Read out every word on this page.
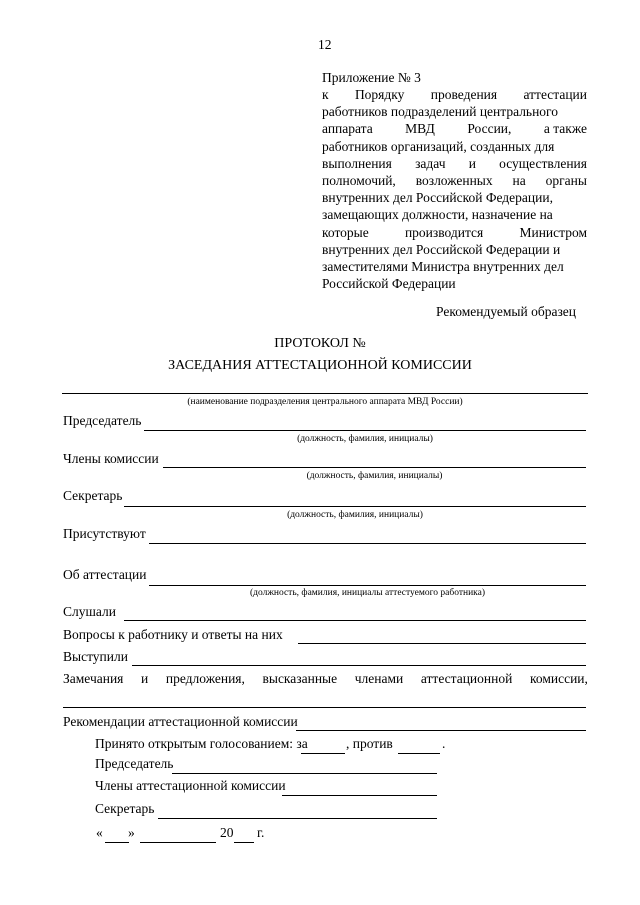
12
Приложение № 3
к Порядку проведения аттестации
работников подразделений центрального
аппарата МВД России, а также
работников организаций, созданных для
выполнения задач и осуществления
полномочий, возложенных на органы
внутренних дел Российской Федерации,
замещающих должности, назначение на
которые	производится	Министром
внутренних дел Российской Федерации и
заместителями Министра внутренних дел
Российской Федерации
Рекомендуемый образец
ПРОТОКОЛ №
ЗАСЕДАНИЯ АТТЕСТАЦИОННОЙ КОМИССИИ
(наименование подразделения центрального аппарата МВД России)
Председатель
(должность, фамилия, инициалы)
Члены комиссии
(должность, фамилия, инициалы)
Секретарь
(должность, фамилия, инициалы)
Присутствуют
Об аттестации
(должность, фамилия, инициалы аттестуемого работника)
Слушали
Вопросы к работнику и ответы на них
Выступили
Замечания и предложения, высказанные членами аттестационной комиссии,
Рекомендации аттестационной комиссии
Принято открытым голосованием: за	, против	.
Председатель
Члены аттестационной комиссии
Секретарь
« »	20 г.
